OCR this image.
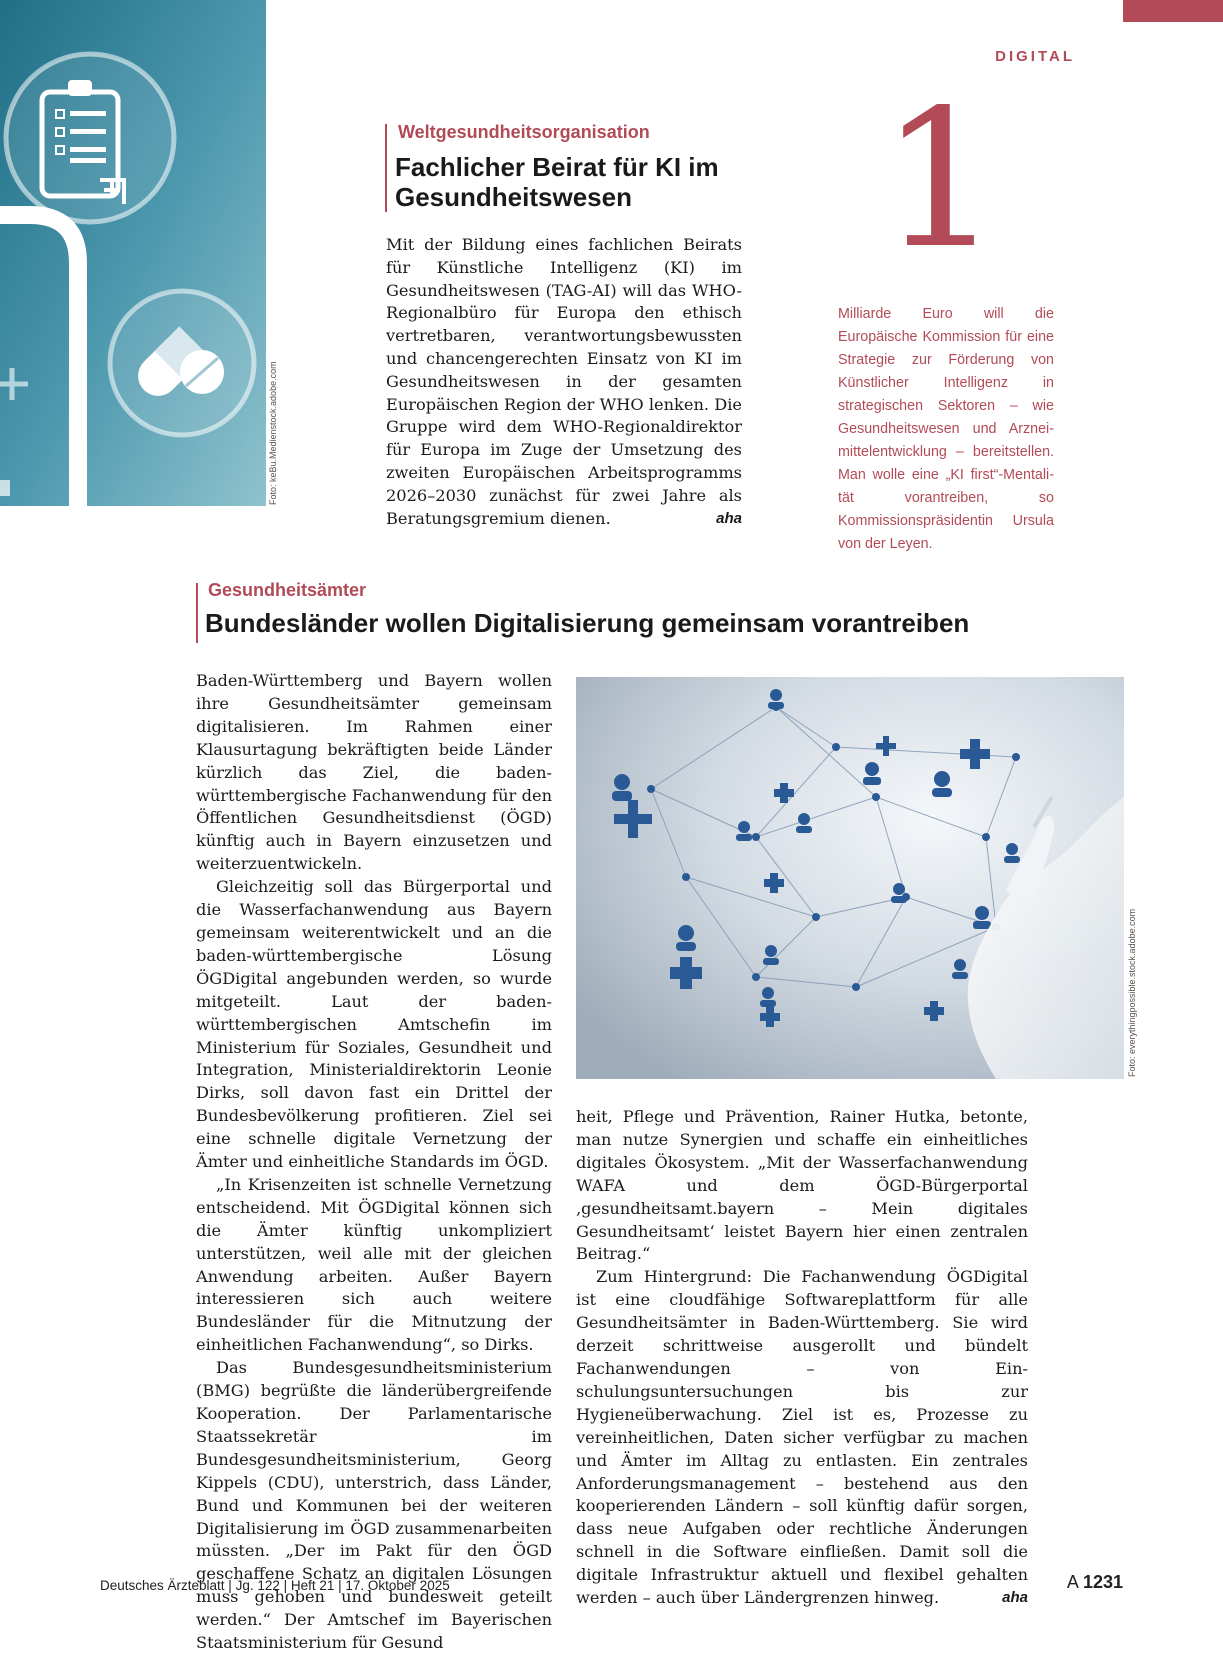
DIGITAL
Foto: keBu.Medienstock.adobe.com
Weltgesundheitsorganisation
Fachlicher Beirat für KI im Gesundheitswesen
Mit der Bildung eines fachlichen Beirats für Künstliche Intelligenz (KI) im Gesundheitswesen (TAG-AI) will das WHO-Regionalbüro für Europa den ethisch vertretbaren, verantwortungsbewussten und chancengerechten Einsatz von KI im Gesundheitswesen in der gesamten Europäischen Region der WHO lenken. Die Gruppe wird dem WHO-Regionaldirektor für Europa im Zuge der Umsetzung des zweiten Europäischen Arbeitsprogramms 2026–2030 zunächst für zwei Jahre als Beratungsgremium dienen.	aha
1
Milliarde Euro will die Europäische Kommission für eine Strategie zur Förderung von Künstlicher Intelligenz in strategischen Sektoren – wie Gesundheitswesen und Arzneimittelentwicklung – bereitstellen. Man wolle eine „KI first“-Mentalität vorantreiben, so Kommissionspräsidentin Ursula von der Leyen.
Gesundheitsämter
Bundesländer wollen Digitalisierung gemeinsam vorantreiben

Baden-Württemberg und Bayern wollen ihre Gesundheitsämter gemeinsam digitalisieren. Im Rahmen einer Klausurtagung bekräftigten beide Länder kürzlich das Ziel, die badenwürttembergische Fachanwendung für den Öffentlichen Gesundheitsdienst (ÖGD) künftig auch in Bayern einzusetzen und weiterzuentwickeln.

Gleichzeitig soll das Bürgerportal und die Wasserfachanwendung aus Bayern gemeinsam weiterentwickelt und an die baden-württembergische Lösung ÖGDigital angebunden werden, so wurde mitgeteilt. Laut der badenwürttembergischen Amtschefin im Ministerium für Soziales, Gesundheit und Integration, Ministerialdirektorin Leonie Dirks, soll davon fast ein Drittel der Bundesbevölkerung profitieren. Ziel sei eine schnelle digitale Vernetzung der Ämter und einheitliche Standards im ÖGD.

„In Krisenzeiten ist schnelle Vernetzung entscheidend. Mit ÖGDigital können sich die Ämter künftig unkompliziert unterstützen, weil alle mit der gleichen Anwendung arbeiten. Außer Bayern interessieren sich auch weitere Bundesländer für die Mitnutzung der einheitlichen Fachanwendung“, so Dirks.

Das Bundesgesundheitsministerium (BMG) begrüßte die länderübergreifende Kooperation. Der Parlamentarische Staatssekretär im Bundesgesundheitsministerium, Georg Kippels (CDU), unterstrich, dass Länder, Bund und Kommunen bei der weiteren Digitalisierung im ÖGD zusammenarbeiten müssten. „Der im Pakt für den ÖGD geschaffene Schatz an digitalen Lösungen muss gehoben und bundesweit geteilt werden.“ Der Amtschef im Bayerischen Staatsministerium für Gesund

Foto: everythingpossible.stock.adobe.com

heit, Pflege und Prävention, Rainer Hutka, betonte, man nutze Synergien und schaffe ein einheitliches digitales Ökosystem. „Mit der Wasserfachanwendung WAFA und dem ÖGD-Bürgerportal ‚gesundheitsamt.bayern – Mein digitales Gesundheitsamt‘ leistet Bayern hier einen zentralen Beitrag.“

Zum Hintergrund: Die Fachanwendung ÖGDigital ist eine cloudfähige Softwareplattform für alle Gesundheitsämter in Baden-Württemberg. Sie wird derzeit schrittweise ausgerollt und bündelt Fachanwendungen – von Einschulungsuntersuchungen bis zur Hygieneüberwachung. Ziel ist es, Prozesse zu vereinheitlichen, Daten sicher verfügbar zu machen und Ämter im Alltag zu entlasten. Ein zentrales Anforderungsmanagement – bestehend aus den kooperierenden Ländern – soll künftig dafür sorgen, dass neue Aufgaben oder rechtliche Änderungen schnell in die Software einfließen. Damit soll die digitale Infrastruktur aktuell und flexibel gehalten werden – auch über Ländergrenzen hinweg.	aha

Deutsches Ärzteblatt | Jg. 122 | Heft 21 | 17. Oktober 2025	A 1231
